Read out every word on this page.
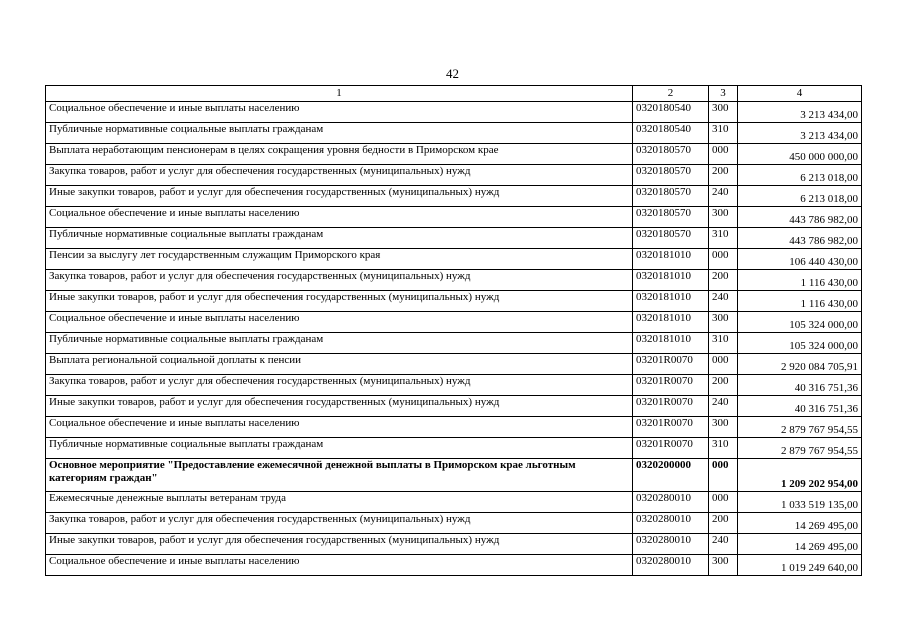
42
1	2	3	4
Социальное обеспечение и иные выплаты населению	0320180540	300	3 213 434,00
Публичные нормативные социальные выплаты гражданам	0320180540	310	3 213 434,00
Выплата неработающим пенсионерам в целях сокращения уровня бедности в Приморском крае	0320180570	000	450 000 000,00
Закупка товаров, работ и услуг для обеспечения государственных (муниципальных) нужд	0320180570	200	6 213 018,00
Иные закупки товаров, работ и услуг для обеспечения государственных (муниципальных) нужд	0320180570	240	6 213 018,00
Социальное обеспечение и иные выплаты населению	0320180570	300	443 786 982,00
Публичные нормативные социальные выплаты гражданам	0320180570	310	443 786 982,00
Пенсии за выслугу лет государственным служащим Приморского края	0320181010	000	106 440 430,00
Закупка товаров, работ и услуг для обеспечения государственных (муниципальных) нужд	0320181010	200	1 116 430,00
Иные закупки товаров, работ и услуг для обеспечения государственных (муниципальных) нужд	0320181010	240	1 116 430,00
Социальное обеспечение и иные выплаты населению	0320181010	300	105 324 000,00
Публичные нормативные социальные выплаты гражданам	0320181010	310	105 324 000,00
Выплата региональной социальной доплаты к пенсии	03201R0070	000	2 920 084 705,91
Закупка товаров, работ и услуг для обеспечения государственных (муниципальных) нужд	03201R0070	200	40 316 751,36
Иные закупки товаров, работ и услуг для обеспечения государственных (муниципальных) нужд	03201R0070	240	40 316 751,36
Социальное обеспечение и иные выплаты населению	03201R0070	300	2 879 767 954,55
Публичные нормативные социальные выплаты гражданам	03201R0070	310	2 879 767 954,55
Основное мероприятие "Предоставление ежемесячной денежной выплаты в Приморском крае льготным категориям граждан"	0320200000	000	1 209 202 954,00
Ежемесячные денежные выплаты ветеранам труда	0320280010	000	1 033 519 135,00
Закупка товаров, работ и услуг для обеспечения государственных (муниципальных) нужд	0320280010	200	14 269 495,00
Иные закупки товаров, работ и услуг для обеспечения государственных (муниципальных) нужд	0320280010	240	14 269 495,00
Социальное обеспечение и иные выплаты населению	0320280010	300	1 019 249 640,00
